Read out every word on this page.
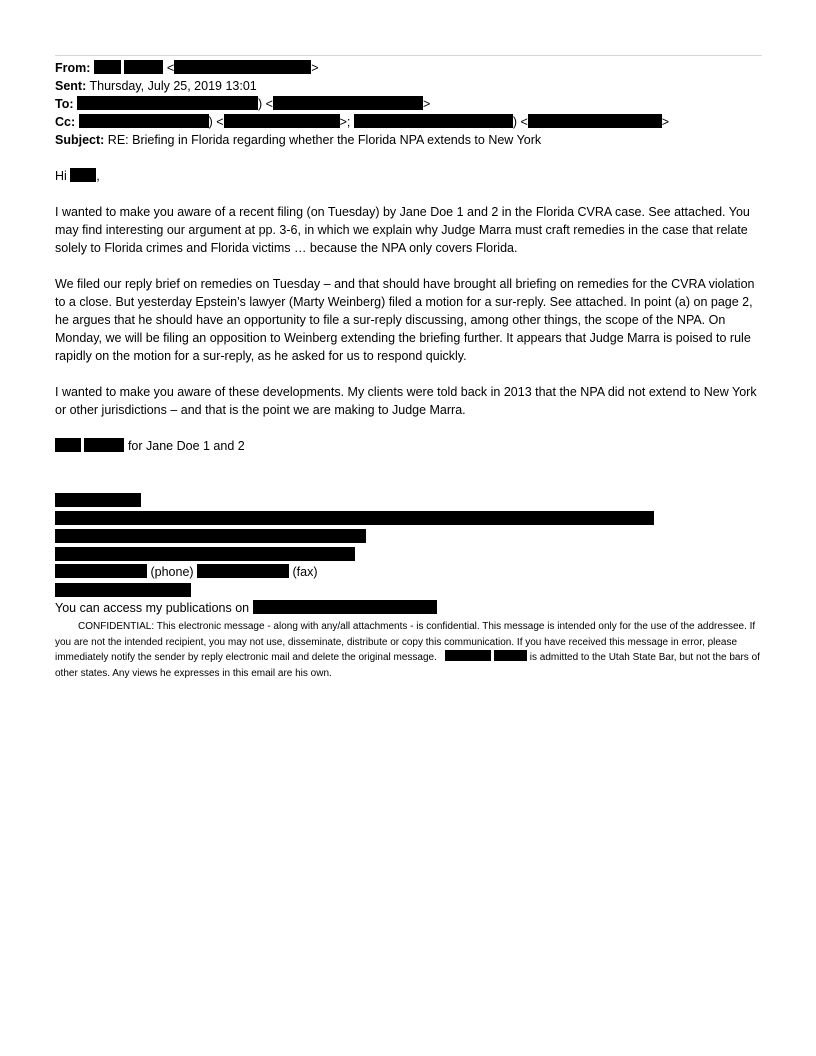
From:	<	>
Sent: Thursday, July 25, 2019 13:01
To:	) <	>
Cc:	) <	>;	) <	>
Subject: RE: Briefing in Florida regarding whether the Florida NPA extends to New York
Hi ,

I wanted to make you aware of a recent filing (on Tuesday) by Jane Doe 1 and 2 in the Florida CVRA case. See attached. You may find interesting our argument at pp. 3-6, in which we explain why Judge Marra must craft remedies in the case that relate solely to Florida crimes and Florida victims … because the NPA only covers Florida.

We filed our reply brief on remedies on Tuesday – and that should have brought all briefing on remedies for the CVRA violation to a close. But yesterday Epstein’s lawyer (Marty Weinberg) filed a motion for a sur-reply. See attached. In point (a) on page 2, he argues that he should have an opportunity to file a sur-reply discussing, among other things, the scope of the NPA. On Monday, we will be filing an opposition to Weinberg extending the briefing further. It appears that Judge Marra is poised to rule rapidly on the motion for a sur-reply, as he asked for us to respond quickly.

I wanted to make you aware of these developments. My clients were told back in 2013 that the NPA did not extend to New York or other jurisdictions – and that is the point we are making to Judge Marra.

for Jane Doe 1 and 2
(phone)	(fax)
You can access my publications on

CONFIDENTIAL: This electronic message - along with any/all attachments - is confidential. This message is intended only for the use of the addressee. If you are not the intended recipient, you may not use, disseminate, distribute or copy this communication. If you have received this message in error, please immediately notify the sender by reply electronic mail and delete the original message.	is admitted to the Utah State Bar, but not the bars of other states. Any views he expresses in this email are his own.
